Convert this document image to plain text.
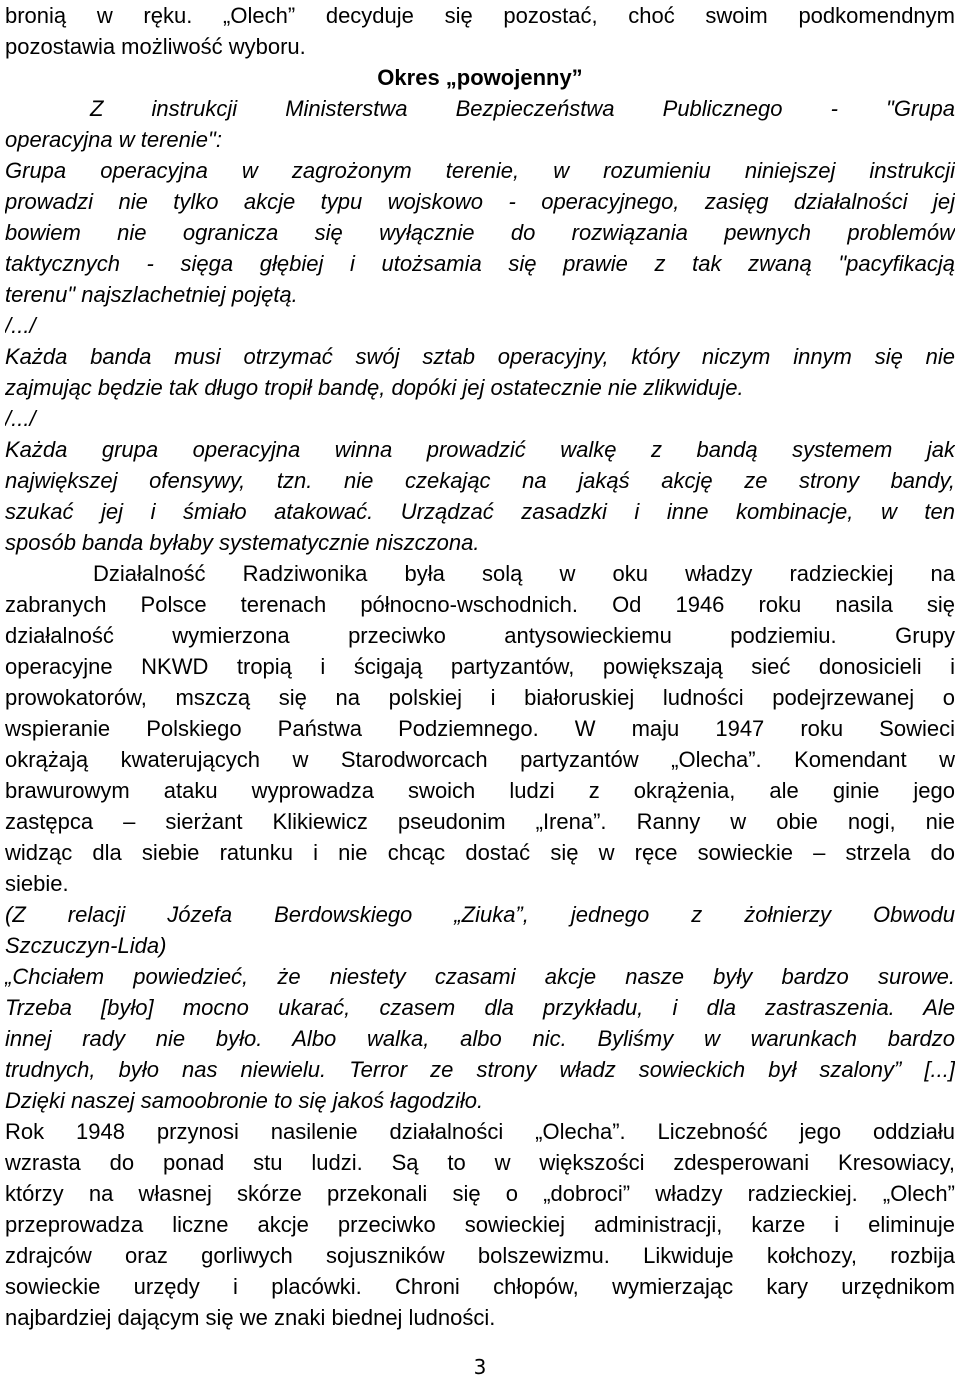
bronią w ręku. „Olech” decyduje się pozostać, choć swoim podkomendnym
pozostawia możliwość wyboru.
Okres „powojenny”
Z instrukcji Ministerstwa Bezpieczeństwa Publicznego - "Grupa
operacyjna w terenie":
Grupa operacyjna w zagrożonym terenie, w rozumieniu niniejszej instrukcji
prowadzi nie tylko akcje typu wojskowo - operacyjnego, zasięg działalności jej
bowiem nie ogranicza się wyłącznie do rozwiązania pewnych problemów
taktycznych - sięga głębiej i utożsamia się prawie z tak zwaną "pacyfikacją
terenu" najszlachetniej pojętą.
/.../
Każda banda musi otrzymać swój sztab operacyjny, który niczym innym się nie
zajmując będzie tak długo tropił bandę, dopóki jej ostatecznie nie zlikwiduje.
/.../
Każda grupa operacyjna winna prowadzić walkę z bandą systemem jak
największej ofensywy, tzn. nie czekając na jakąś akcję ze strony bandy,
szukać jej i śmiało atakować. Urządzać zasadzki i inne kombinacje, w ten
sposób banda byłaby systematycznie niszczona.
Działalność Radziwonika była solą w oku władzy radzieckiej na
zabranych Polsce terenach północno-wschodnich. Od 1946 roku nasila się
działalność wymierzona przeciwko antysowieckiemu podziemiu. Grupy
operacyjne NKWD tropią i ścigają partyzantów, powiększają sieć donosicieli i
prowokatorów, mszczą się na polskiej i białoruskiej ludności podejrzewanej o
wspieranie Polskiego Państwa Podziemnego. W maju 1947 roku Sowieci
okrążają kwaterujących w Starodworcach partyzantów „Olecha”. Komendant w
brawurowym ataku wyprowadza swoich ludzi z okrążenia, ale ginie jego
zastępca – sierżant Klikiewicz pseudonim „Irena”. Ranny w obie nogi, nie
widząc dla siebie ratunku i nie chcąc dostać się w ręce sowieckie – strzela do
siebie.
(Z relacji Józefa Berdowskiego „Ziuka”, jednego z żołnierzy Obwodu
Szczuczyn-Lida)
„Chciałem powiedzieć, że niestety czasami akcje nasze były bardzo surowe.
Trzeba [było] mocno ukarać, czasem dla przykładu, i dla zastraszenia. Ale
innej rady nie było. Albo walka, albo nic. Byliśmy w warunkach bardzo
trudnych, było nas niewielu. Terror ze strony władz sowieckich był szalony” [...]
Dzięki naszej samoobronie to się jakoś łagodziło.
Rok 1948 przynosi nasilenie działalności „Olecha”. Liczebność jego oddziału
wzrasta do ponad stu ludzi. Są to w większości zdesperowani Kresowiacy,
którzy na własnej skórze przekonali się o „dobroci” władzy radzieckiej. „Olech”
przeprowadza liczne akcje przeciwko sowieckiej administracji, karze i eliminuje
zdrajców oraz gorliwych sojuszników bolszewizmu. Likwiduje kołchozy, rozbija
sowieckie urzędy i placówki. Chroni chłopów, wymierzając kary urzędnikom
najbardziej dającym się we znaki biednej ludności.
3
